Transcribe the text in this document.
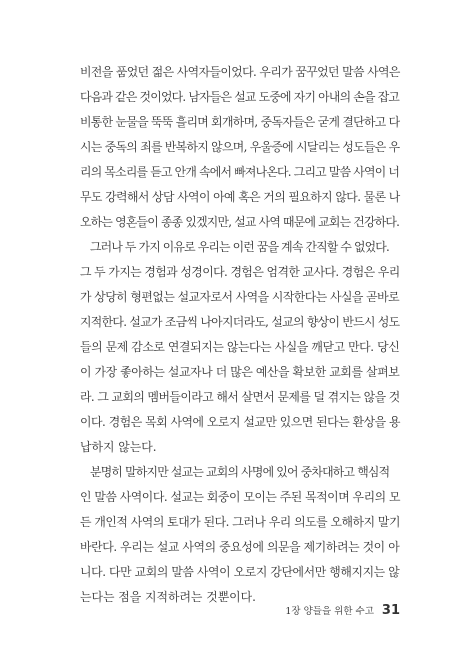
비전을 품었던 젊은 사역자들이었다. 우리가 꿈꾸었던 말씀 사역은
다음과 같은 것이었다. 남자들은 설교 도중에 자기 아내의 손을 잡고
비통한 눈물을 뚝뚝 흘리며 회개하며, 중독자들은 굳게 결단하고 다
시는 중독의 죄를 반복하지 않으며, 우울증에 시달리는 성도들은 우
리의 목소리를 듣고 안개 속에서 빠져나온다. 그리고 말씀 사역이 너
무도 강력해서 상담 사역이 아예 혹은 거의 필요하지 않다. 물론 나
오하는 영혼들이 종종 있겠지만, 설교 사역 때문에 교회는 건강하다.
그러나 두 가지 이유로 우리는 이런 꿈을 계속 간직할 수 없었다.
그 두 가지는 경험과 성경이다. 경험은 엄격한 교사다. 경험은 우리
가 상당히 형편없는 설교자로서 사역을 시작한다는 사실을 곧바로
지적한다. 설교가 조금씩 나아지더라도, 설교의 향상이 반드시 성도
들의 문제 감소로 연결되지는 않는다는 사실을 깨닫고 만다. 당신
이 가장 좋아하는 설교자나 더 많은 예산을 확보한 교회를 살펴보
라. 그 교회의 멤버들이라고 해서 살면서 문제를 덜 겪지는 않을 것
이다. 경험은 목회 사역에 오로지 설교만 있으면 된다는 환상을 용
납하지 않는다.
분명히 말하지만 설교는 교회의 사명에 있어 중차대하고 핵심적
인 말씀 사역이다. 설교는 회중이 모이는 주된 목적이며 우리의 모
든 개인적 사역의 토대가 된다. 그러나 우리 의도를 오해하지 말기
바란다. 우리는 설교 사역의 중요성에 의문을 제기하려는 것이 아
니다. 다만 교회의 말씀 사역이 오로지 강단에서만 행해지지는 않
는다는 점을 지적하려는 것뿐이다.
1장 양들을 위한 수고 31
